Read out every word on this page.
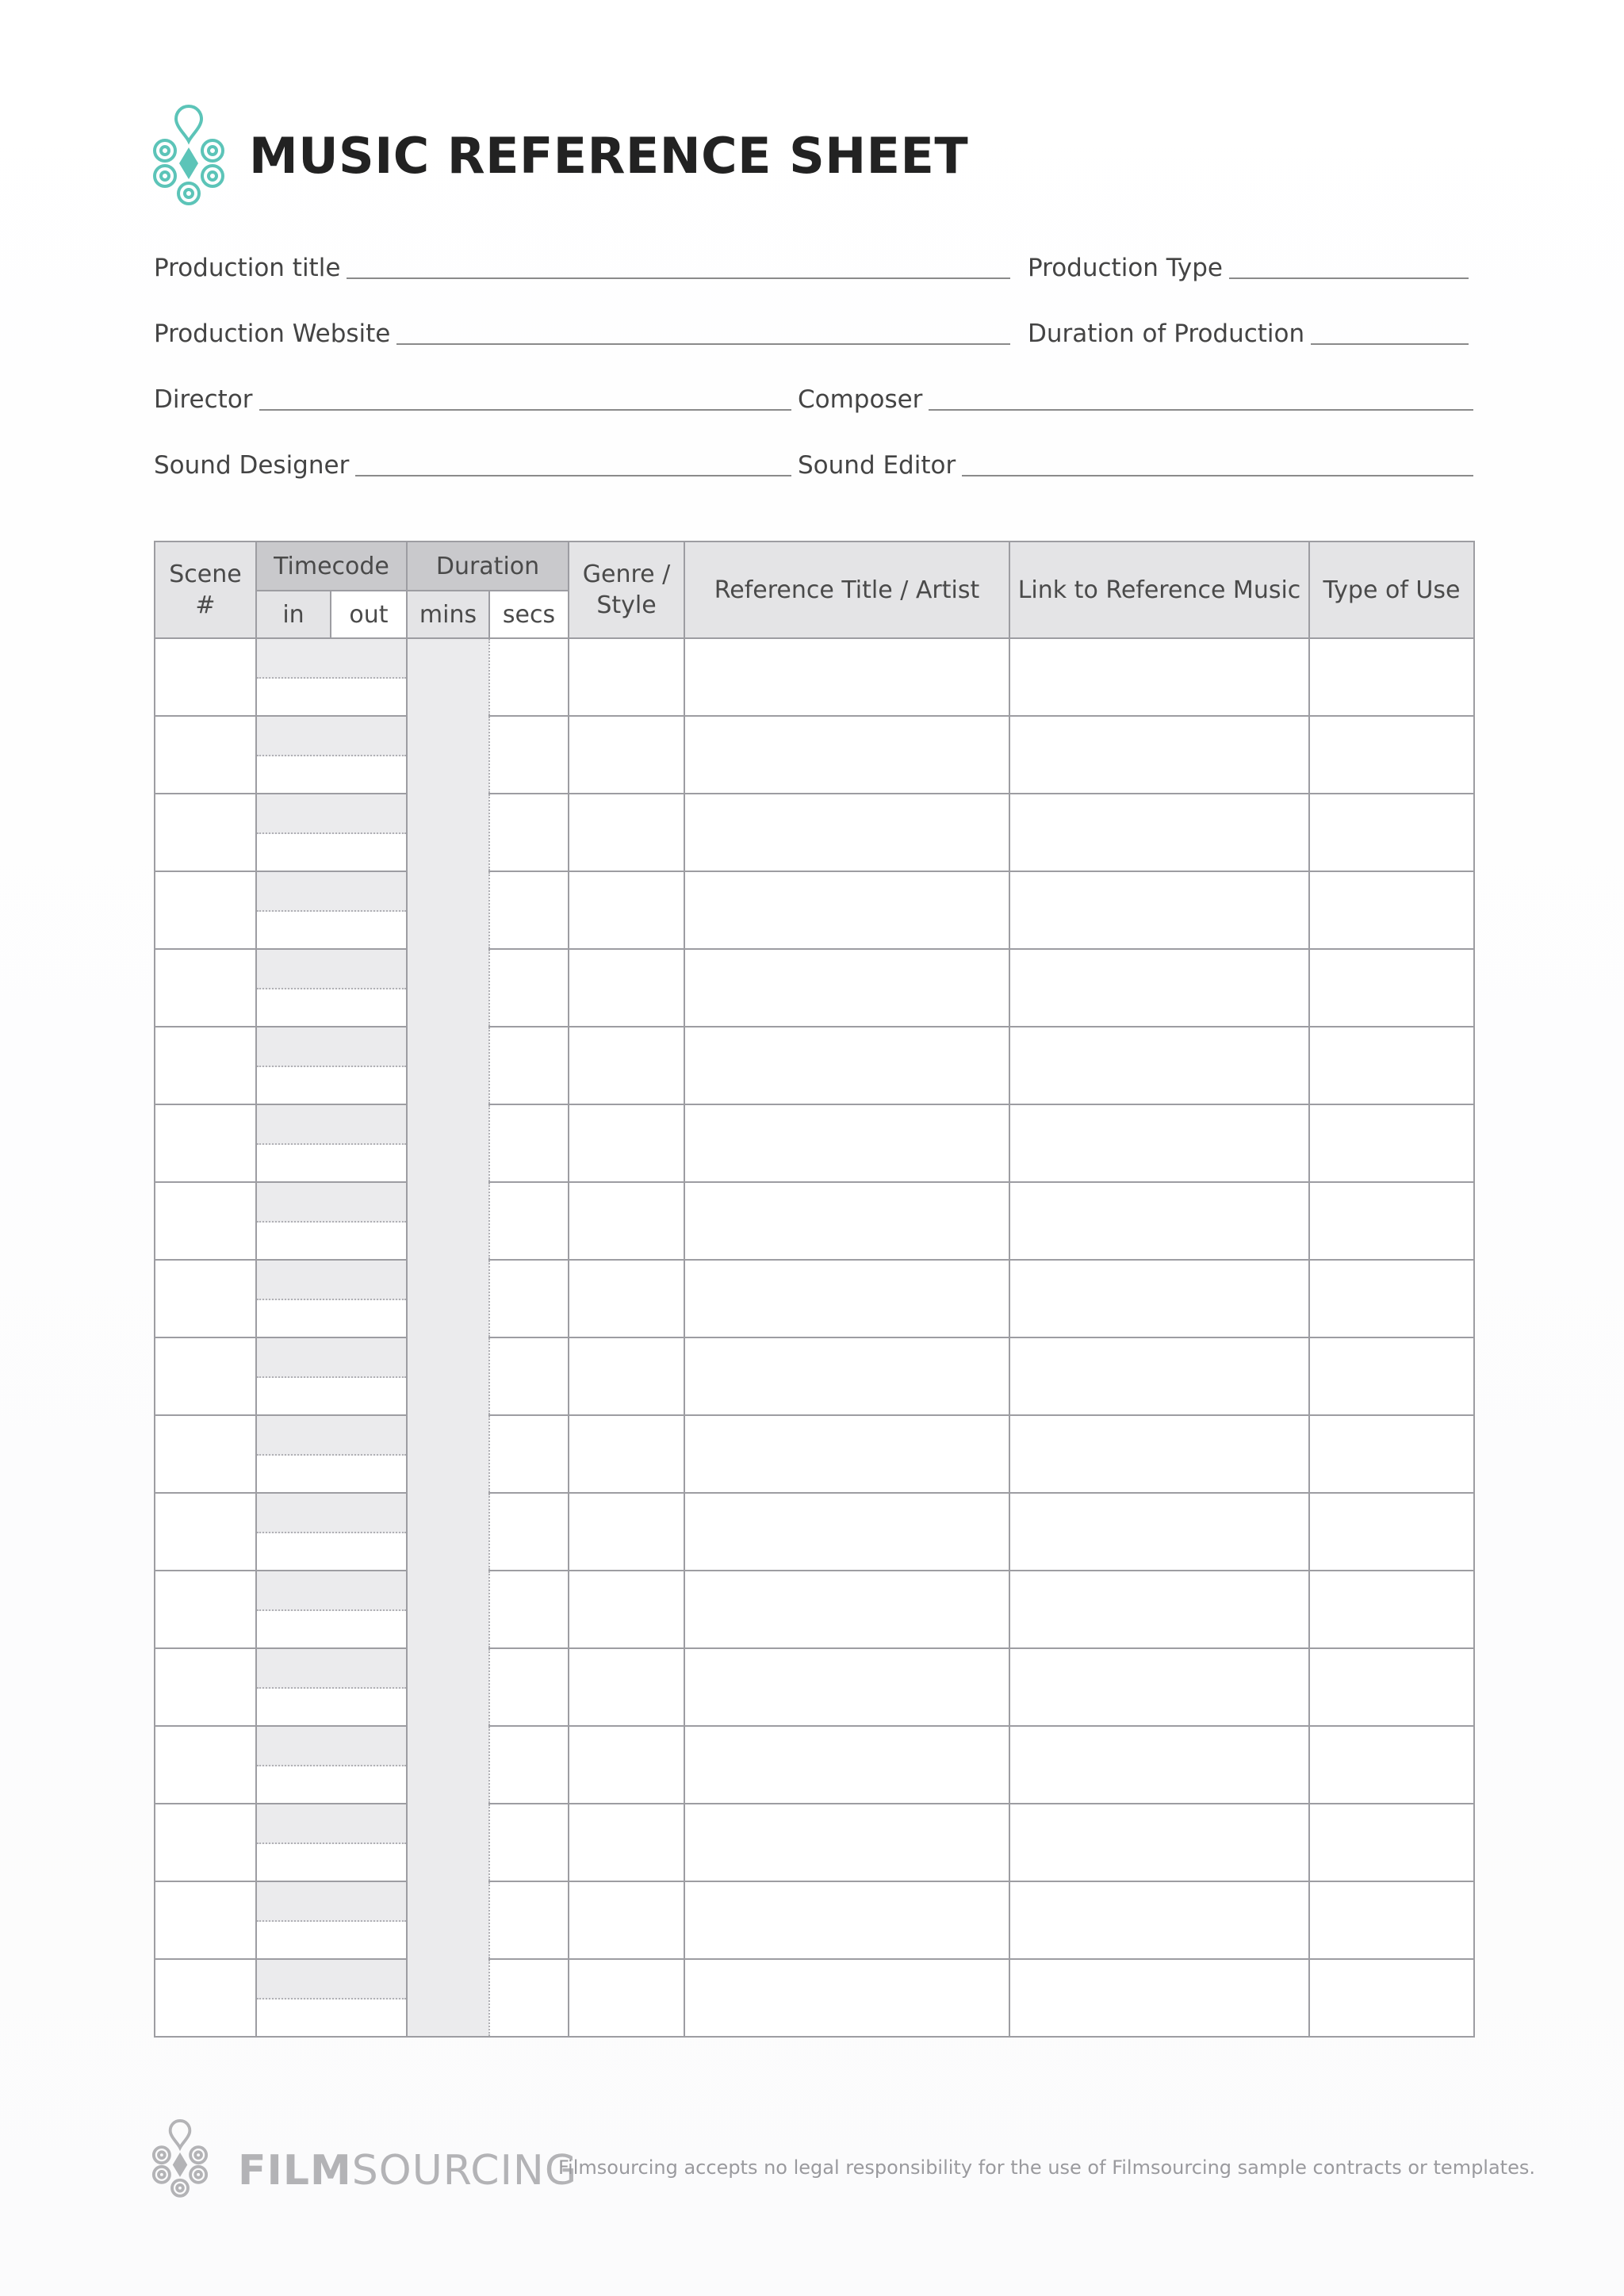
MUSIC REFERENCE SHEET
Production title	Production Type
Production Website	Duration of Production
Director	Composer
Sound Designer	Sound Editor
Scene #	Timecode		Duration		Genre / Style	Reference Title / Artist	Link to Reference Music	Type of Use
	in	out	mins	secs				

FILMSOURCING
Filmsourcing accepts no legal responsibility for the use of Filmsourcing sample contracts or templates.
